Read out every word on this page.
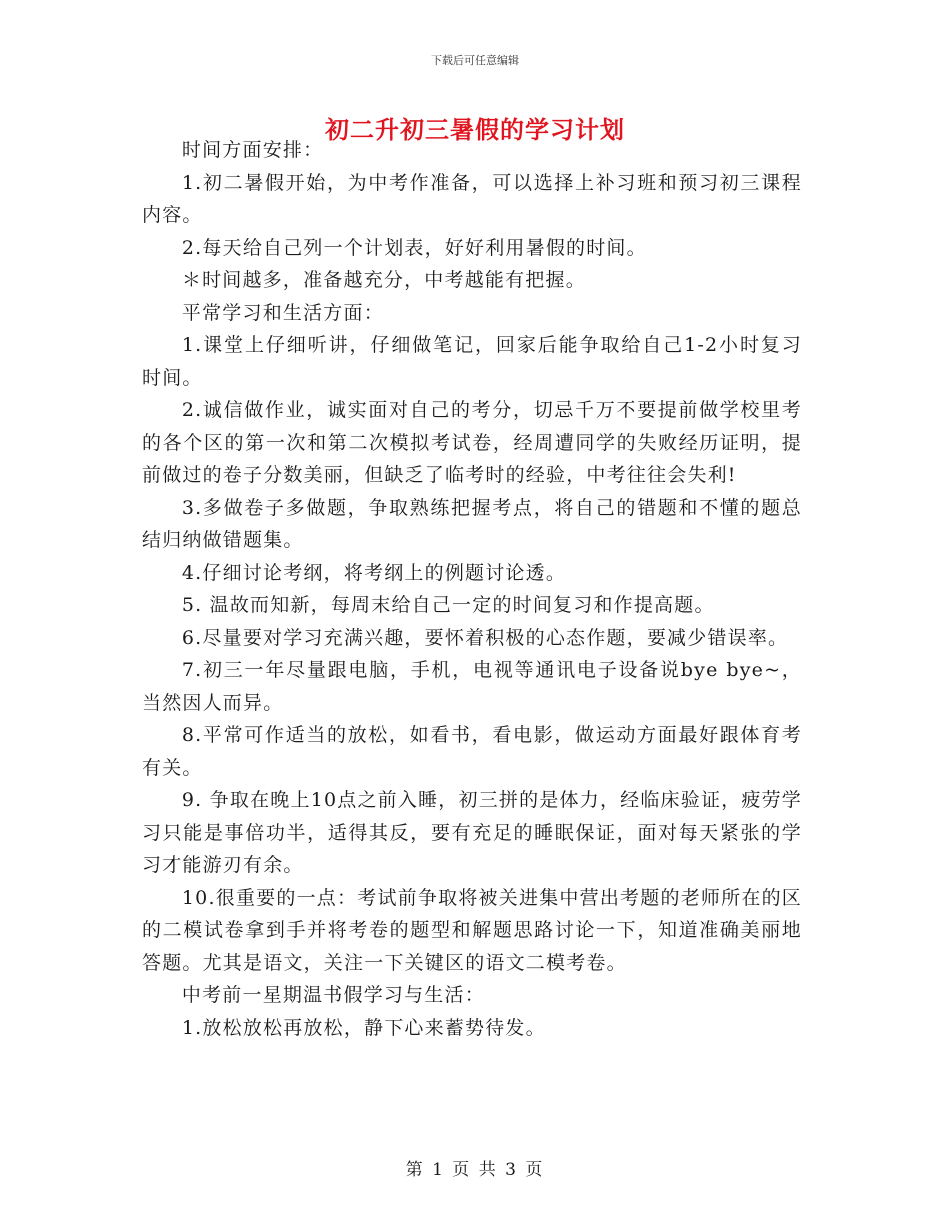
下载后可任意编辑
初二升初三暑假的学习计划

时间方面安排：

1.初二暑假开始，为中考作准备，可以选择上补习班和预习初三课程内容。

2.每天给自己列一个计划表，好好利用暑假的时间。

＊时间越多，准备越充分，中考越能有把握。

平常学习和生活方面：

1.课堂上仔细听讲，仔细做笔记，回家后能争取给自己1-2小时复习时间。

2.诚信做作业，诚实面对自己的考分，切忌千万不要提前做学校里考的各个区的第一次和第二次模拟考试卷，经周遭同学的失败经历证明，提前做过的卷子分数美丽，但缺乏了临考时的经验，中考往往会失利!

3.多做卷子多做题，争取熟练把握考点，将自己的错题和不懂的题总结归纳做错题集。

4.仔细讨论考纲，将考纲上的例题讨论透。

5. 温故而知新，每周末给自己一定的时间复习和作提高题。

6.尽量要对学习充满兴趣，要怀着积极的心态作题，要减少错误率。

7.初三一年尽量跟电脑，手机，电视等通讯电子设备说bye bye~，当然因人而异。

8.平常可作适当的放松，如看书，看电影，做运动方面最好跟体育考有关。

9. 争取在晚上10点之前入睡，初三拼的是体力，经临床验证，疲劳学习只能是事倍功半，适得其反，要有充足的睡眠保证，面对每天紧张的学习才能游刃有余。

10.很重要的一点：考试前争取将被关进集中营出考题的老师所在的区的二模试卷拿到手并将考卷的题型和解题思路讨论一下，知道准确美丽地答题。尤其是语文，关注一下关键区的语文二模考卷。

中考前一星期温书假学习与生活：

1.放松放松再放松，静下心来蓄势待发。

第 1 页 共 3 页
